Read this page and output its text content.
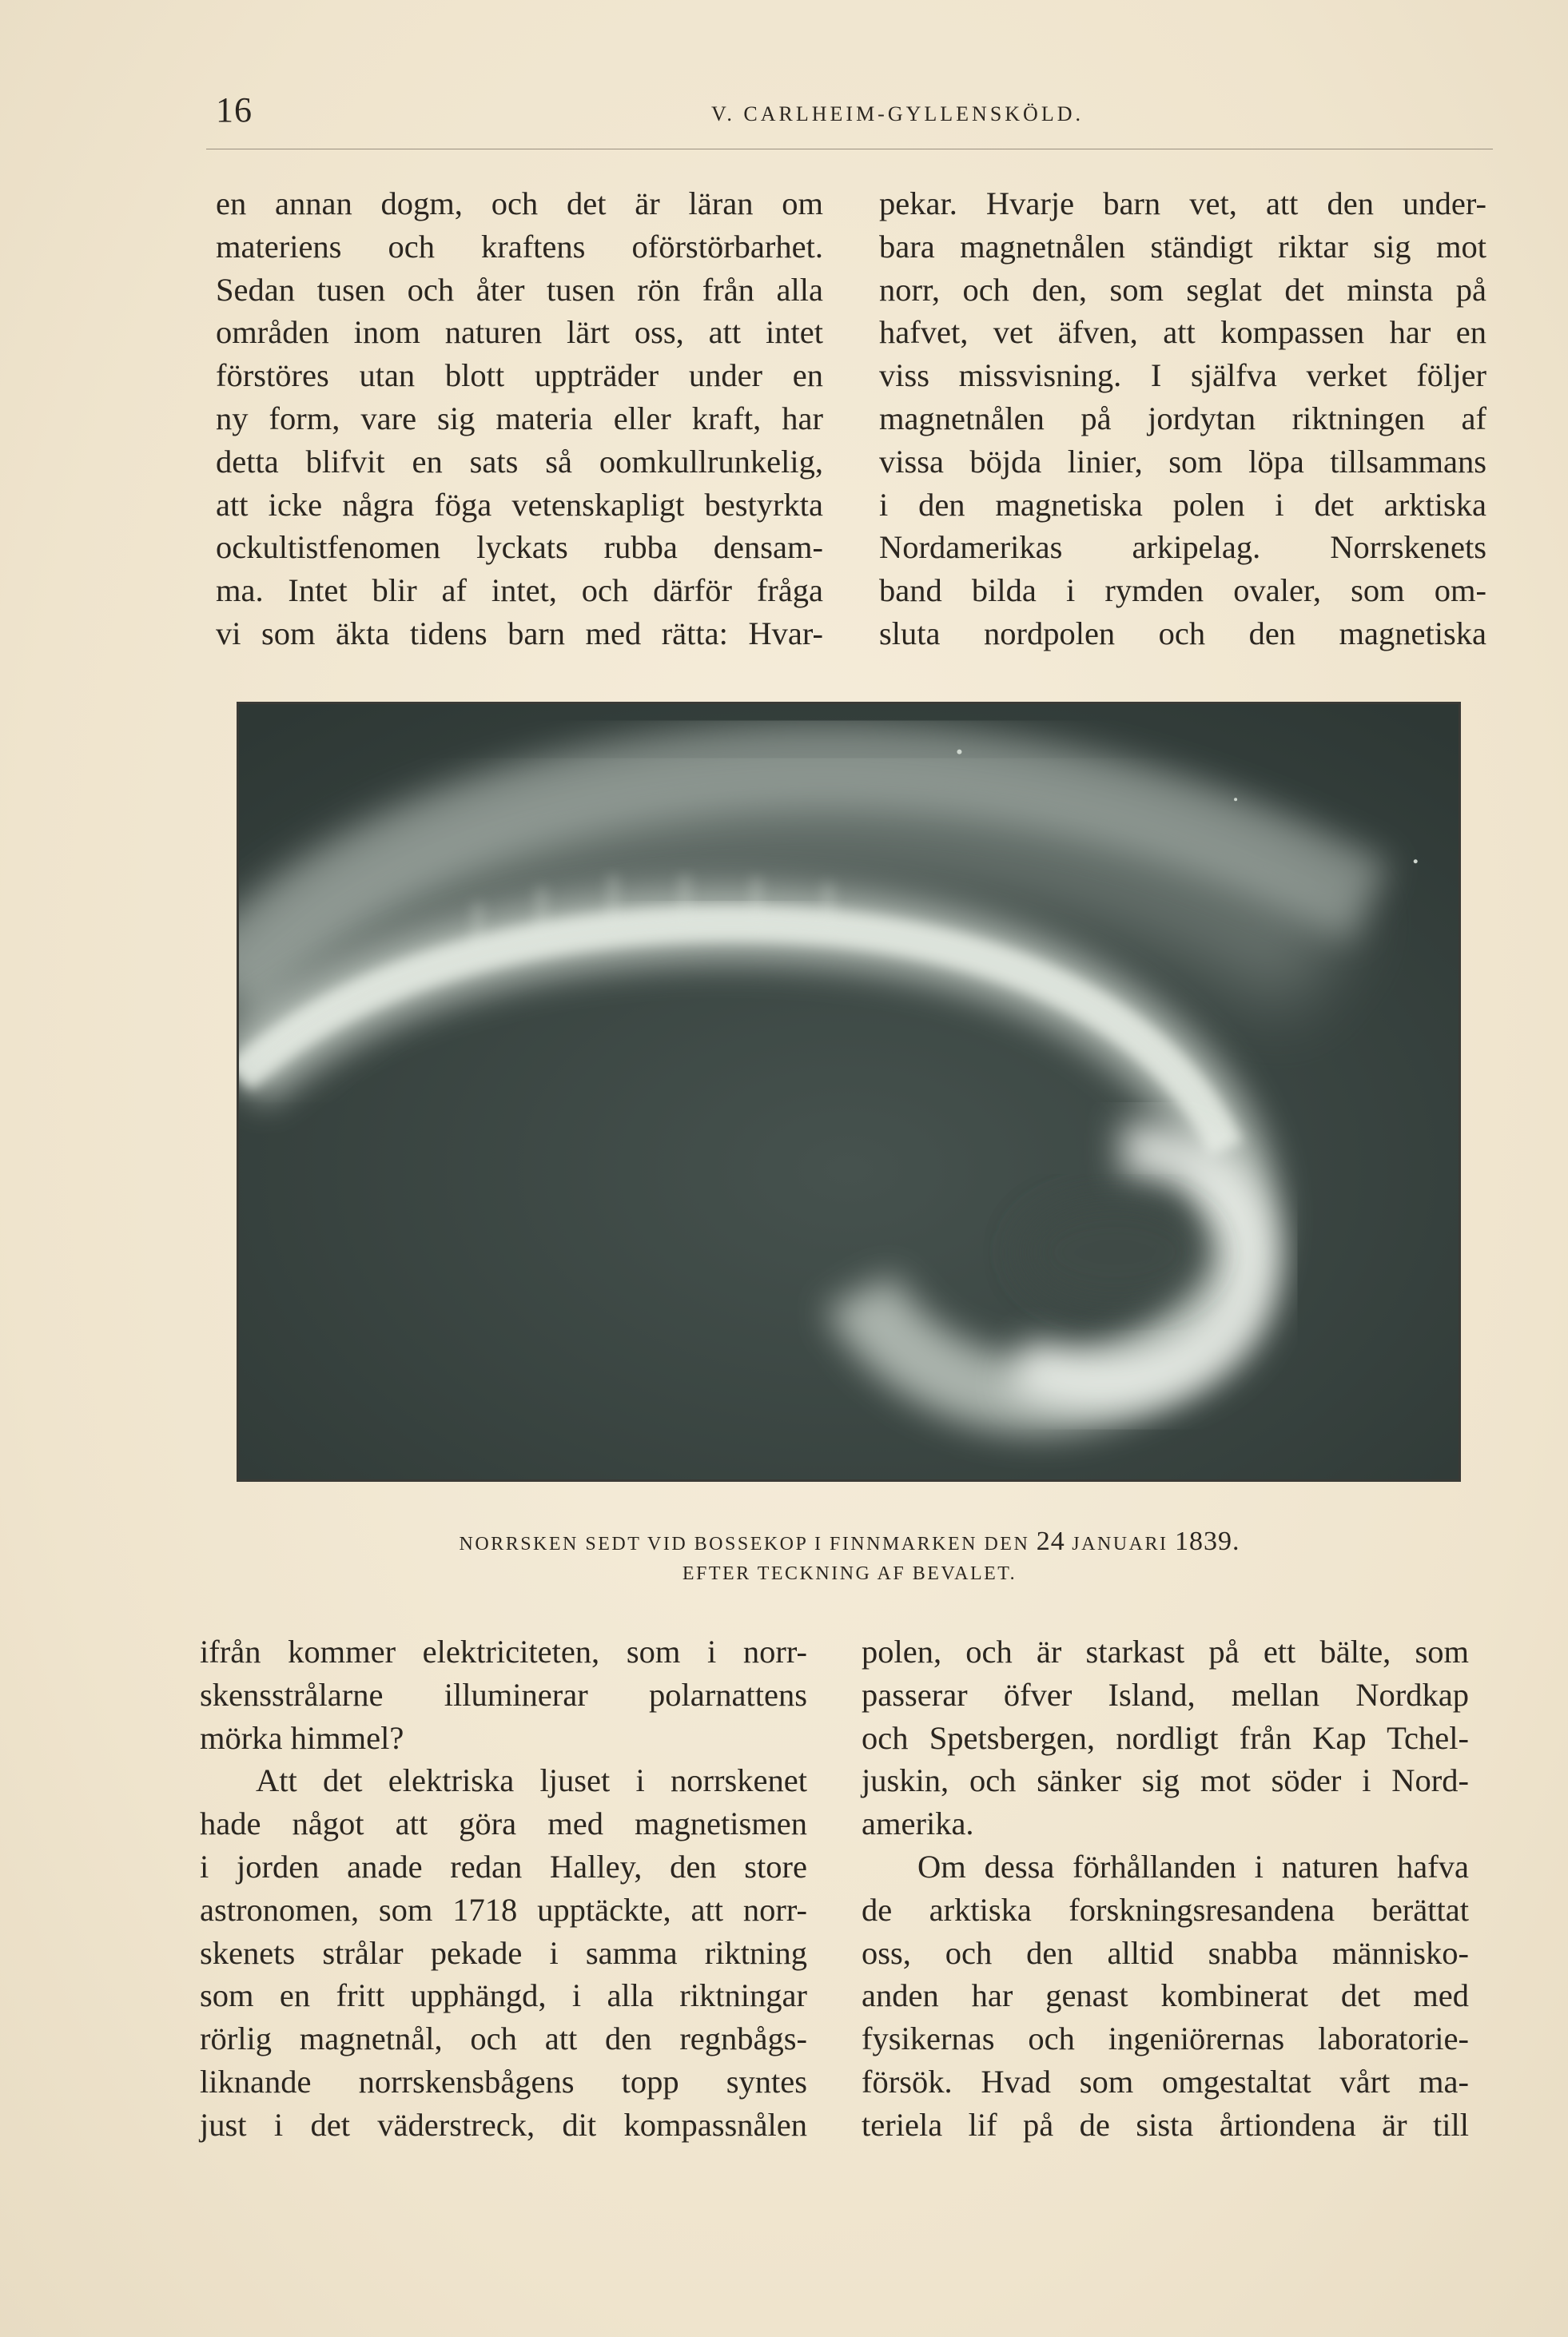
16	V. CARLHEIM-GYLLENSKÖLD.
en annan dogm, och det är läran om
materiens och kraftens oförstörbarhet.
Sedan tusen och åter tusen rön från alla
områden inom naturen lärt oss, att intet
förstöres utan blott uppträder under en
ny form, vare sig materia eller kraft, har
detta blifvit en sats så oomkullrunkelig,
att icke några föga vetenskapligt bestyrkta
ockultistfenomen lyckats rubba densam-
ma. Intet blir af intet, och därför fråga
vi som äkta tidens barn med rätta: Hvar-
pekar. Hvarje barn vet, att den under-
bara magnetnålen ständigt riktar sig mot
norr, och den, som seglat det minsta på
hafvet, vet äfven, att kompassen har en
viss missvisning. I själfva verket följer
magnetnålen på jordytan riktningen af
vissa böjda linier, som löpa tillsammans
i den magnetiska polen i det arktiska
Nordamerikas arkipelag. Norrskenets
band bilda i rymden ovaler, som om-
sluta nordpolen och den magnetiska
NORRSKEN SEDT VID BOSSEKOP I FINNMARKEN DEN 24 JANUARI 1839.
EFTER TECKNING AF BEVALET.
ifrån kommer elektriciteten, som i norr-
skensstrålarne illuminerar polarnattens
mörka himmel?
Att det elektriska ljuset i norrskenet
hade något att göra med magnetismen
i jorden anade redan Halley, den store
astronomen, som 1718 upptäckte, att norr-
skenets strålar pekade i samma riktning
som en fritt upphängd, i alla riktningar
rörlig magnetnål, och att den regnbågs-
liknande norrskensbågens topp syntes
just i det väderstreck, dit kompassnålen
polen, och är starkast på ett bälte, som
passerar öfver Island, mellan Nordkap
och Spetsbergen, nordligt från Kap Tchel-
juskin, och sänker sig mot söder i Nord-
amerika.
Om dessa förhållanden i naturen hafva
de arktiska forskningsresandena berättat
oss, och den alltid snabba människo-
anden har genast kombinerat det med
fysikernas och ingeniörernas laboratorie-
försök. Hvad som omgestaltat vårt ma-
teriela lif på de sista årtiondena är till
